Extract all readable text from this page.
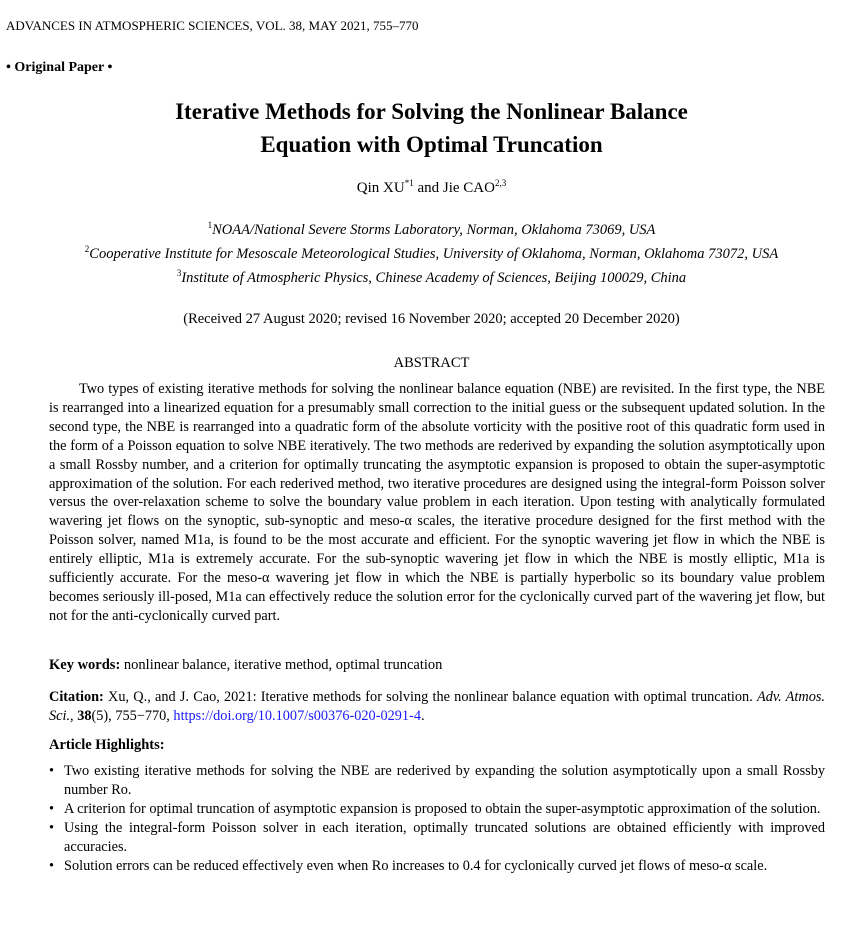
ADVANCES IN ATMOSPHERIC SCIENCES, VOL. 38, MAY 2021, 755–770
• Original Paper •
Iterative Methods for Solving the Nonlinear Balance
Equation with Optimal Truncation
Qin XU$^{*1}$ and Jie CAO$^{2,3}$
$^1$NOAA/National Severe Storms Laboratory, Norman, Oklahoma 73069, USA
$^2$Cooperative Institute for Mesoscale Meteorological Studies, University of Oklahoma, Norman, Oklahoma 73072, USA
$^3$Institute of Atmospheric Physics, Chinese Academy of Sciences, Beijing 100029, China
(Received 27 August 2020; revised 16 November 2020; accepted 20 December 2020)
ABSTRACT

Two types of existing iterative methods for solving the nonlinear balance equation (NBE) are revisited. In the first type, the NBE is rearranged into a linearized equation for a presumably small correction to the initial guess or the subsequent updated solution. In the second type, the NBE is rearranged into a quadratic form of the absolute vorticity with the positive root of this quadratic form used in the form of a Poisson equation to solve NBE iteratively. The two methods are rederived by expanding the solution asymptotically upon a small Rossby number, and a criterion for optimally truncating the asymptotic expansion is proposed to obtain the super-asymptotic approximation of the solution. For each rederived method, two iterative procedures are designed using the integral-form Poisson solver versus the over-relaxation scheme to solve the boundary value problem in each iteration. Upon testing with analytically formulated wavering jet flows on the synoptic, sub-synoptic and meso-α scales, the iterative procedure designed for the first method with the Poisson solver, named M1a, is found to be the most accurate and efficient. For the synoptic wavering jet flow in which the NBE is entirely elliptic, M1a is extremely accurate. For the sub-synoptic wavering jet flow in which the NBE is mostly elliptic, M1a is sufficiently accurate. For the meso-α wavering jet flow in which the NBE is partially hyperbolic so its boundary value problem becomes seriously ill-posed, M1a can effectively reduce the solution error for the cyclonically curved part of the wavering jet flow, but not for the anti-cyclonically curved part.

Key words: nonlinear balance, iterative method, optimal truncation
Citation: Xu, Q., and J. Cao, 2021: Iterative methods for solving the nonlinear balance equation with optimal truncation. Adv. Atmos. Sci., 38(5), 755−770, https://doi.org/10.1007/s00376-020-0291-4.
Article Highlights:
• Two existing iterative methods for solving the NBE are rederived by expanding the solution asymptotically upon a small Rossby number Ro.
• A criterion for optimal truncation of asymptotic expansion is proposed to obtain the super-asymptotic approximation of the solution.
• Using the integral-form Poisson solver in each iteration, optimally truncated solutions are obtained efficiently with improved accuracies.
• Solution errors can be reduced effectively even when Ro increases to 0.4 for cyclonically curved jet flows of meso-α scale.
